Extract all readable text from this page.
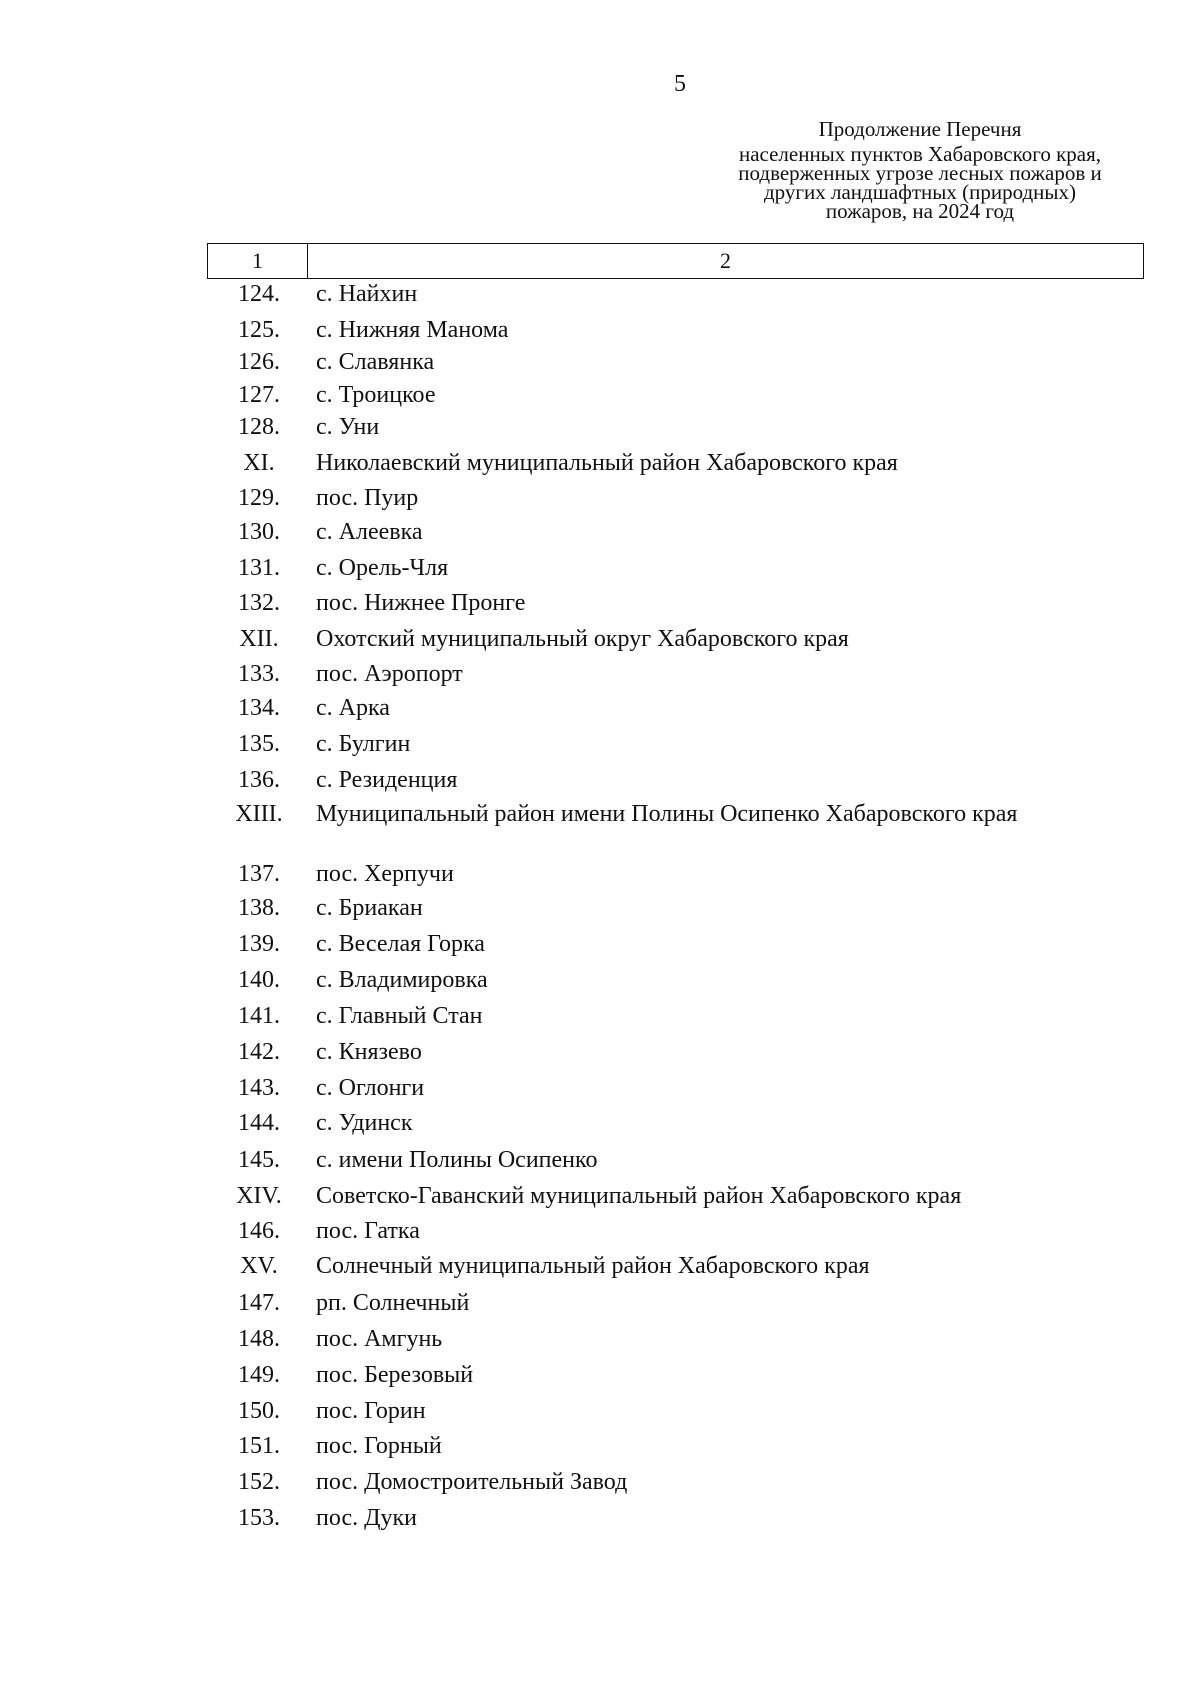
5
Продолжение Перечня
населенных пунктов Хабаровского края,
подверженных угрозе лесных пожаров и
других ландшафтных (природных)
пожаров, на 2024 год
1	2
124.	с. Найхин
125.	с. Нижняя Манома
126.	с. Славянка
127.	с. Троицкое
128.	с. Уни
XI.	Николаевский муниципальный район Хабаровского края
129.	пос. Пуир
130.	с. Алеевка
131.	с. Орель-Чля
132.	пос. Нижнее Пронге
XII.	Охотский муниципальный округ Хабаровского края
133.	пос. Аэропорт
134.	с. Арка
135.	с. Булгин
136.	с. Резиденция
XIII.	Муниципальный район имени Полины Осипенко Хабаровского края
137.	пос. Херпучи
138.	с. Бриакан
139.	с. Веселая Горка
140.	с. Владимировка
141.	с. Главный Стан
142.	с. Князево
143.	с. Оглонги
144.	с. Удинск
145.	с. имени Полины Осипенко
XIV.	Советско-Гаванский муниципальный район Хабаровского края
146.	пос. Гатка
XV.	Солнечный муниципальный район Хабаровского края
147.	рп. Солнечный
148.	пос. Амгунь
149.	пос. Березовый
150.	пос. Горин
151.	пос. Горный
152.	пос. Домостроительный Завод
153.	пос. Дуки
